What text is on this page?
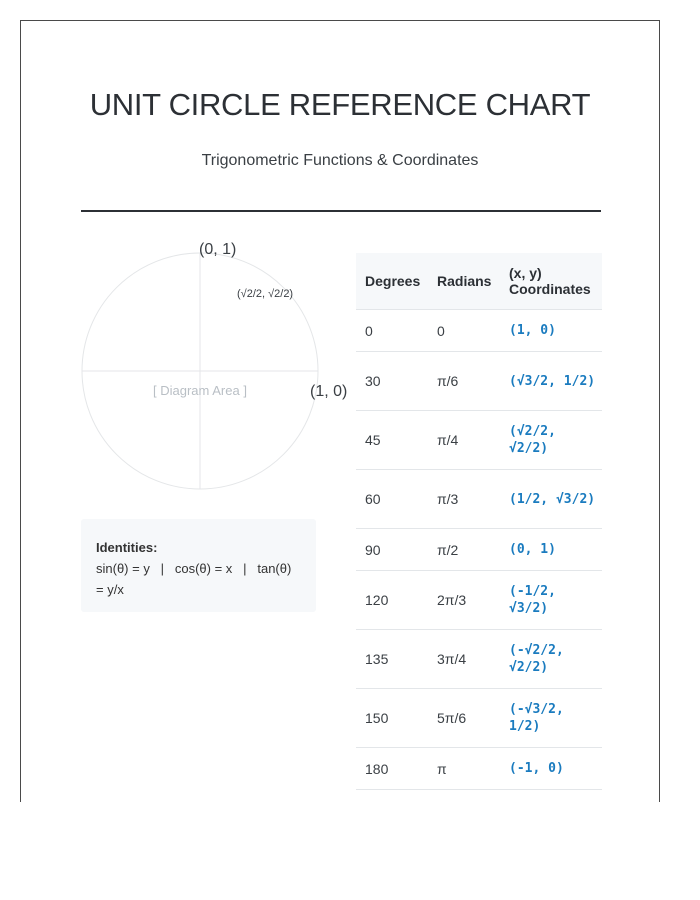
UNIT CIRCLE REFERENCE CHART

Trigonometric Functions & Coordinates

(0, 1)
(1, 0)
(√2/2, √2/2)
[ Diagram Area ]
Identities:
sin(θ) = y   |   cos(θ) = x   |   tan(θ) = y/x
Degrees	Radians	(x, y) Coordinates
0	0	(1, 0)
30	π/6	(√3/2, 1/2)
45	π/4	(√2/2, √2/2)
60	π/3	(1/2, √3/2)
90	π/2	(0, 1)
120	2π/3	(-1/2, √3/2)
135	3π/4	(-√2/2, √2/2)
150	5π/6	(-√3/2, 1/2)
180	π	(-1, 0)
